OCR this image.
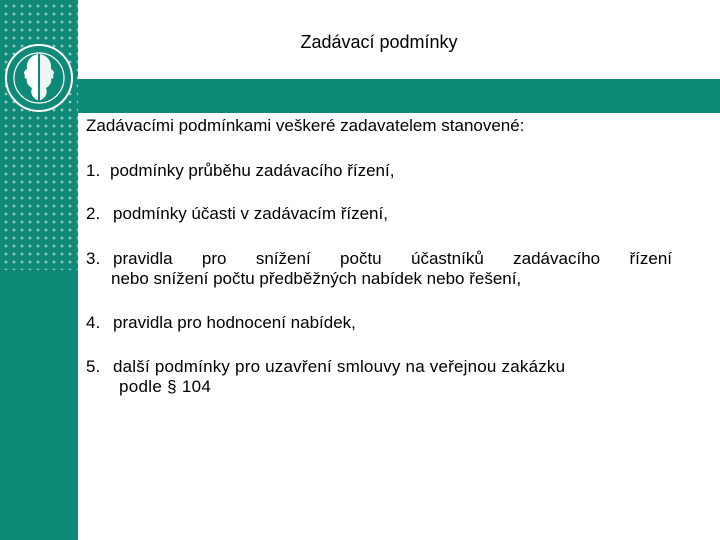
Zadávací podmínky
Zadávacími podmínkami veškeré zadavatelem stanovené:
1. podmínky průběhu zadávacího řízení,
2. podmínky účasti v zadávacím řízení,
3. pravidla pro snížení počtu účastníků zadávacího řízení
nebo snížení počtu předběžných nabídek nebo řešení,
4. pravidla pro hodnocení nabídek,
5. další podmínky pro uzavření smlouvy na veřejnou zakázku
podle § 104
